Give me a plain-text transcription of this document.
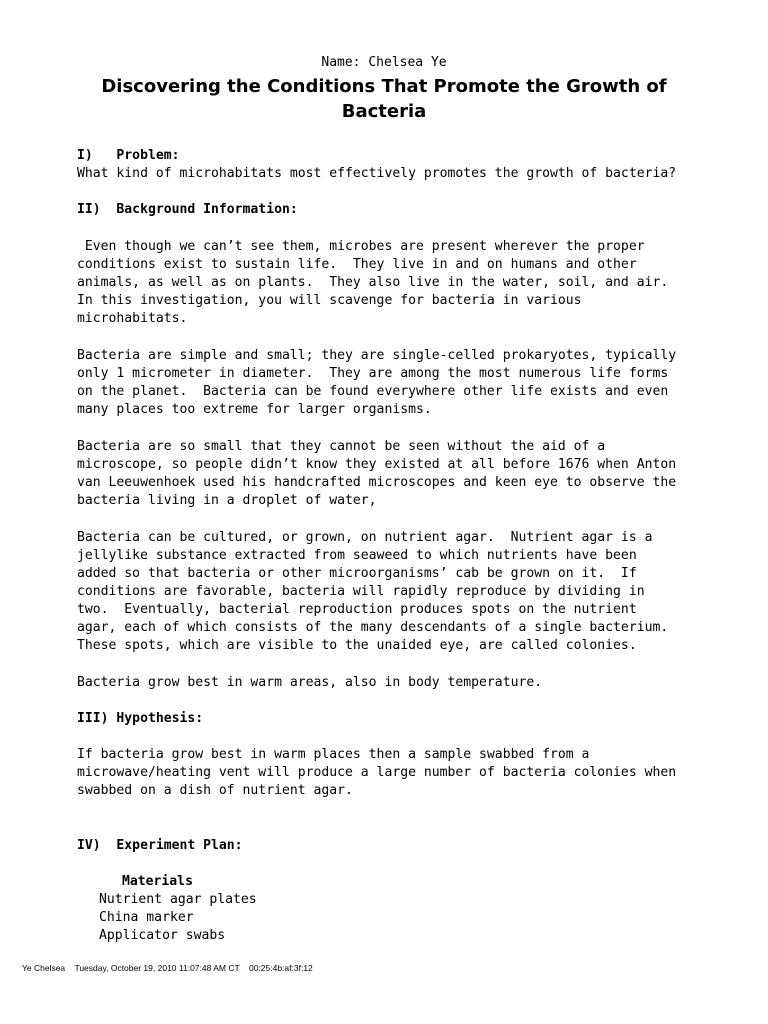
Name: Chelsea Ye
Discovering the Conditions That Promote the Growth of
Bacteria
I)   Problem:
What kind of microhabitats most effectively promotes the growth of bacteria?
II)  Background Information:
Even though we can’t see them, microbes are present wherever the proper
conditions exist to sustain life.  They live in and on humans and other
animals, as well as on plants.  They also live in the water, soil, and air.
In this investigation, you will scavenge for bacteria in various
microhabitats.
Bacteria are simple and small; they are single-celled prokaryotes, typically
only 1 micrometer in diameter.  They are among the most numerous life forms
on the planet.  Bacteria can be found everywhere other life exists and even
many places too extreme for larger organisms.
Bacteria are so small that they cannot be seen without the aid of a
microscope, so people didn’t know they existed at all before 1676 when Anton
van Leeuwenhoek used his handcrafted microscopes and keen eye to observe the
bacteria living in a droplet of water,
Bacteria can be cultured, or grown, on nutrient agar.  Nutrient agar is a
jellylike substance extracted from seaweed to which nutrients have been
added so that bacteria or other microorganisms’ cab be grown on it.  If
conditions are favorable, bacteria will rapidly reproduce by dividing in
two.  Eventually, bacterial reproduction produces spots on the nutrient
agar, each of which consists of the many descendants of a single bacterium.
These spots, which are visible to the unaided eye, are called colonies.
Bacteria grow best in warm areas, also in body temperature.
III) Hypothesis:
If bacteria grow best in warm places then a sample swabbed from a
microwave/heating vent will produce a large number of bacteria colonies when
swabbed on a dish of nutrient agar.
IV)  Experiment Plan:
Materials
Nutrient agar plates
China marker
Applicator swabs
Ye Chelsea    Tuesday, October 19, 2010 11:07:48 AM CT    00:25:4b:af:3f:12
